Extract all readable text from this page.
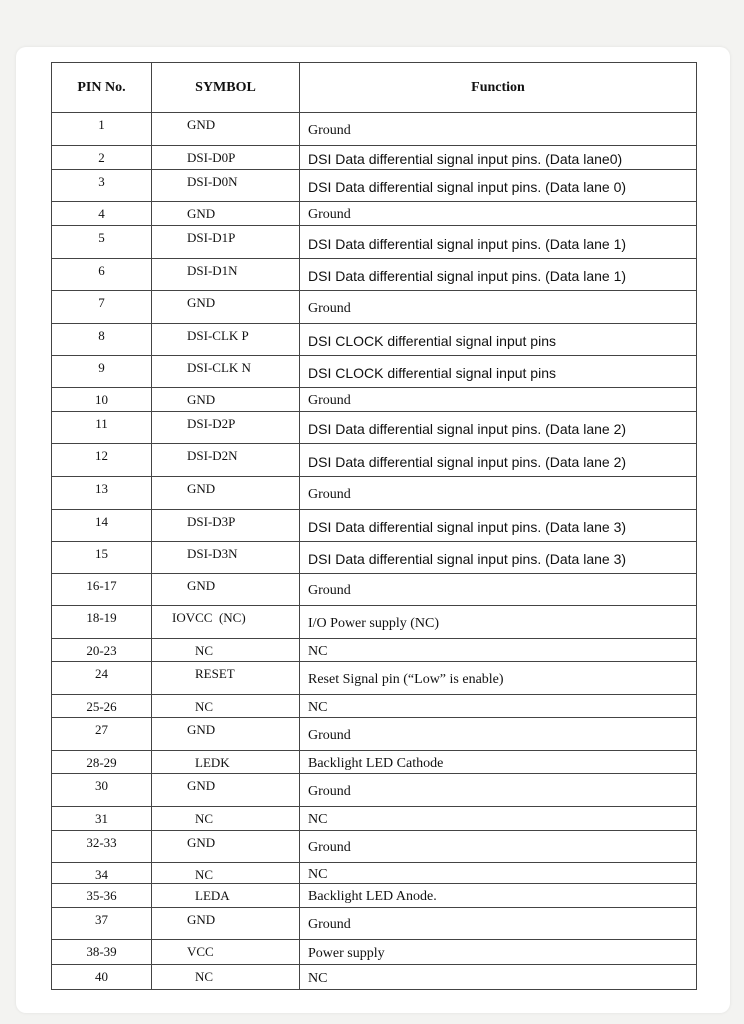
PIN No.	SYMBOL	Function
1	GND	Ground
2	DSI-D0P	DSI Data differential signal input pins. (Data lane0)
3	DSI-D0N	DSI Data differential signal input pins. (Data lane 0)
4	GND	Ground
5	DSI-D1P	DSI Data differential signal input pins. (Data lane 1)
6	DSI-D1N	DSI Data differential signal input pins. (Data lane 1)
7	GND	Ground
8	DSI-CLK P	DSI CLOCK differential signal input pins
9	DSI-CLK N	DSI CLOCK differential signal input pins
10	GND	Ground
11	DSI-D2P	DSI Data differential signal input pins. (Data lane 2)
12	DSI-D2N	DSI Data differential signal input pins. (Data lane 2)
13	GND	Ground
14	DSI-D3P	DSI Data differential signal input pins. (Data lane 3)
15	DSI-D3N	DSI Data differential signal input pins. (Data lane 3)
16-17	GND	Ground
18-19	IOVCC  (NC)	I/O Power supply (NC)
20-23	NC	NC
24	RESET	Reset Signal pin (“Low” is enable)
25-26	NC	NC
27	GND	Ground
28-29	LEDK	Backlight LED Cathode
30	GND	Ground
31	NC	NC
32-33	GND	Ground
34	NC	NC
35-36	LEDA	Backlight LED Anode.
37	GND	Ground
38-39	VCC	Power supply
40	NC	NC
